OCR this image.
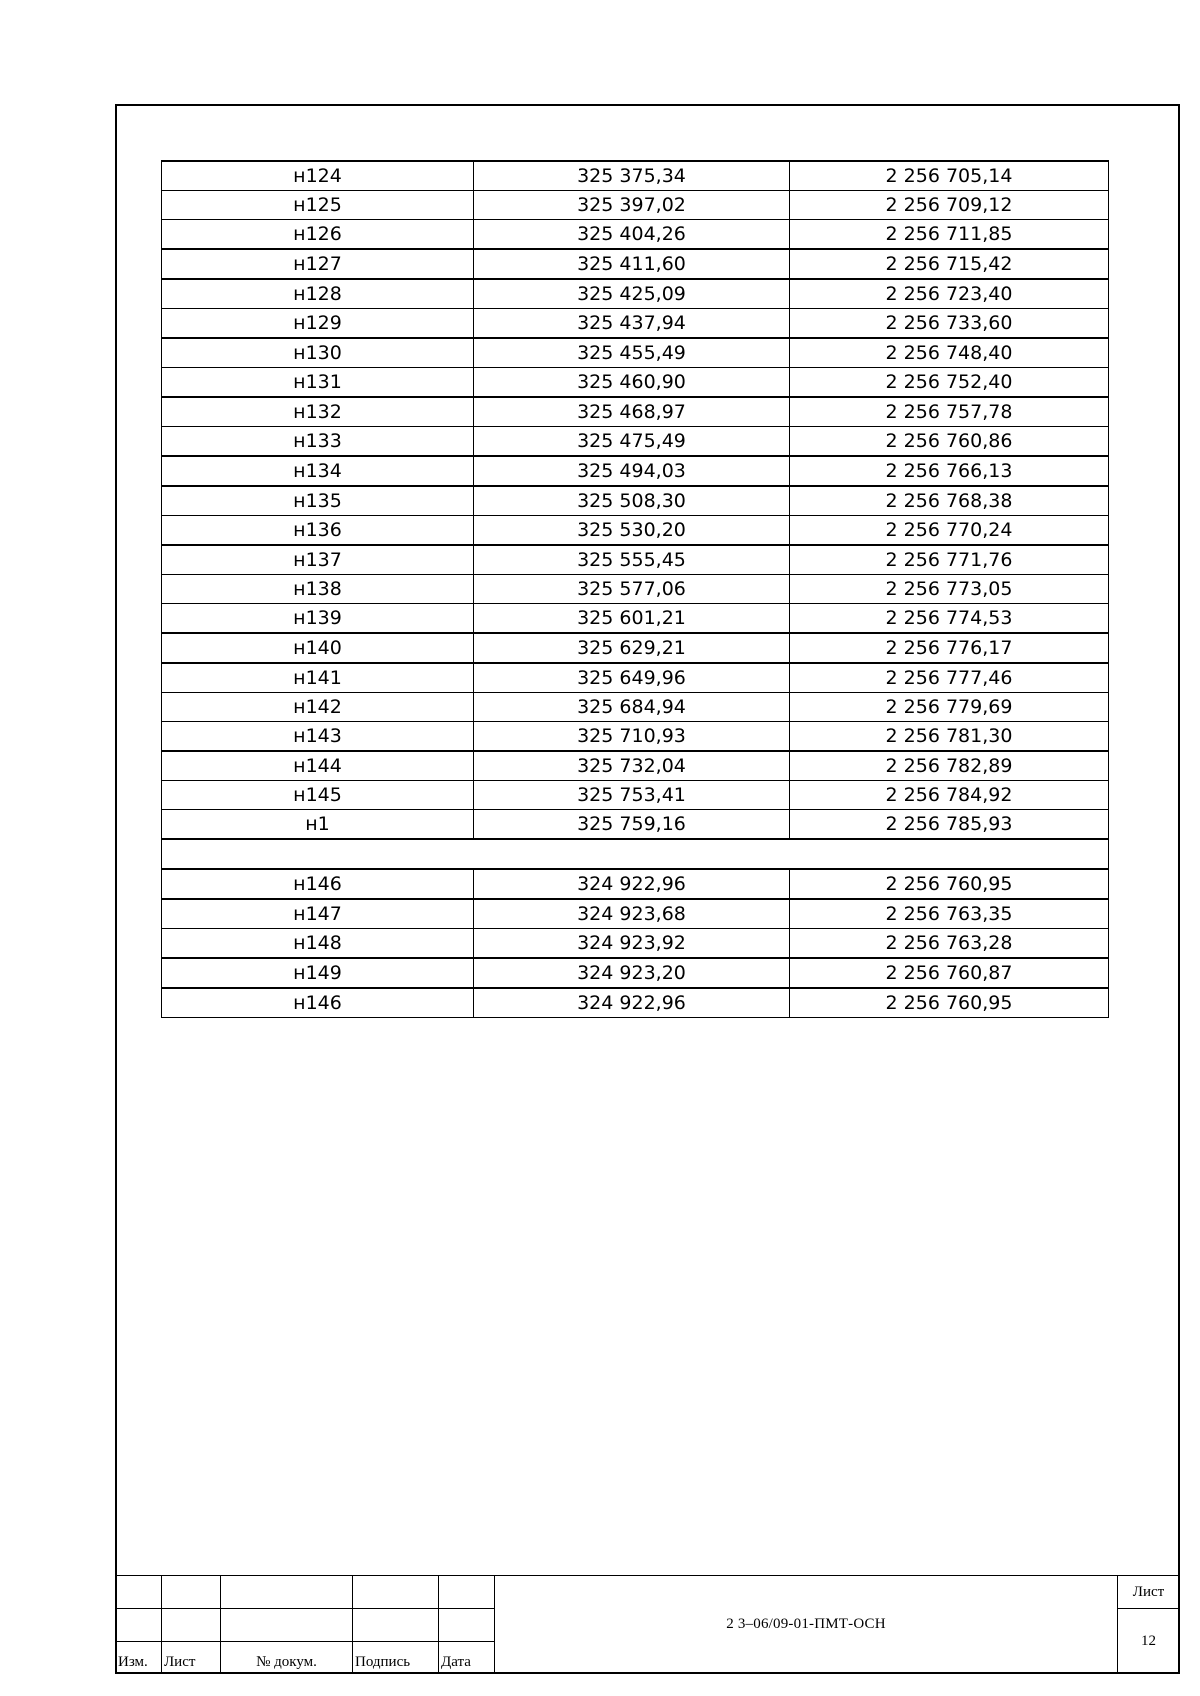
н124	325 375,34	2 256 705,14
н125	325 397,02	2 256 709,12
н126	325 404,26	2 256 711,85
н127	325 411,60	2 256 715,42
н128	325 425,09	2 256 723,40
н129	325 437,94	2 256 733,60
н130	325 455,49	2 256 748,40
н131	325 460,90	2 256 752,40
н132	325 468,97	2 256 757,78
н133	325 475,49	2 256 760,86
н134	325 494,03	2 256 766,13
н135	325 508,30	2 256 768,38
н136	325 530,20	2 256 770,24
н137	325 555,45	2 256 771,76
н138	325 577,06	2 256 773,05
н139	325 601,21	2 256 774,53
н140	325 629,21	2 256 776,17
н141	325 649,96	2 256 777,46
н142	325 684,94	2 256 779,69
н143	325 710,93	2 256 781,30
н144	325 732,04	2 256 782,89
н145	325 753,41	2 256 784,92
н1	325 759,16	2 256 785,93

н146	324 922,96	2 256 760,95
н147	324 923,68	2 256 763,35
н148	324 923,92	2 256 763,28
н149	324 923,20	2 256 760,87
н146	324 922,96	2 256 760,95
Изм.	Лист	№ докум.	Подпись	Дата
2 3–06/09-01-ПМТ-ОСН
Лист
12
